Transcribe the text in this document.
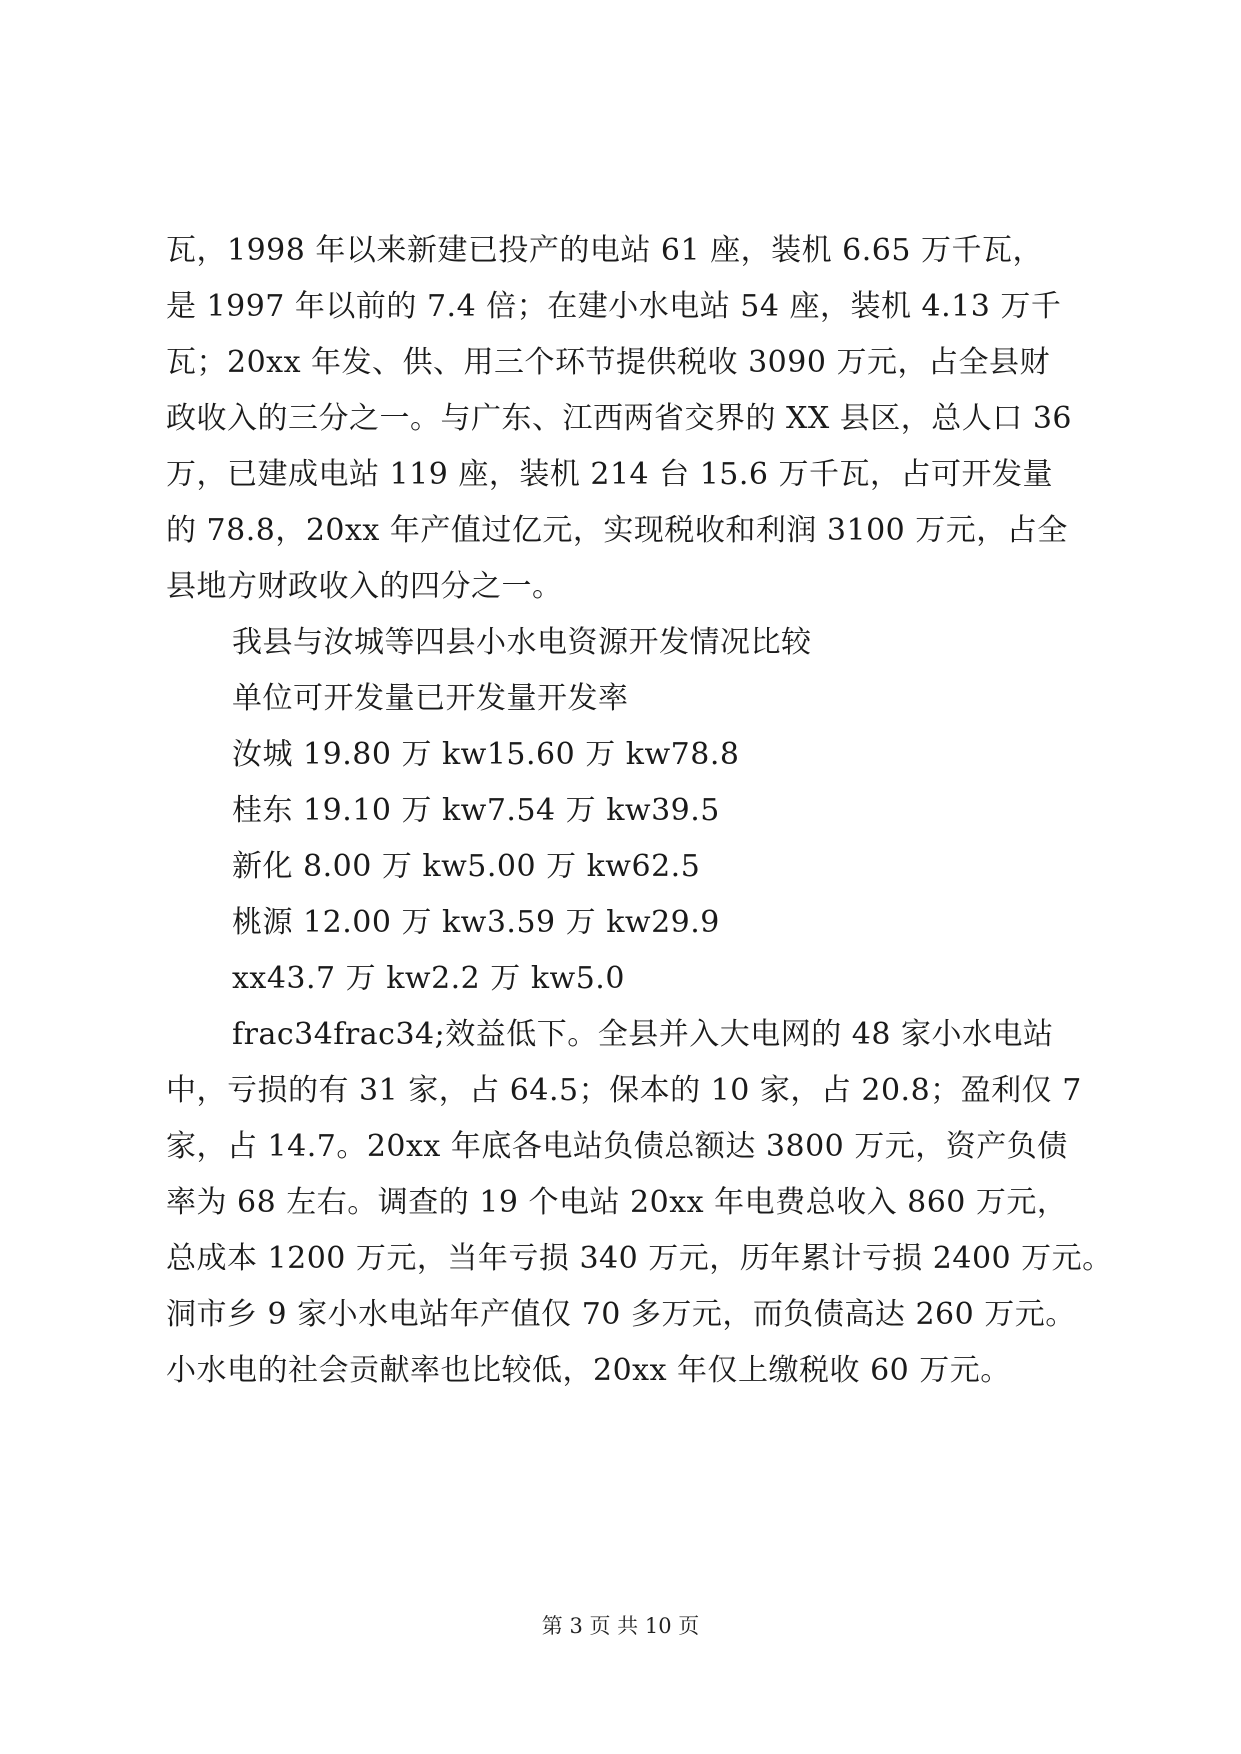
瓦，1998 年以来新建已投产的电站 61 座，装机 6.65 万千瓦，
是 1997 年以前的 7.4 倍；在建小水电站 54 座，装机 4.13 万千
瓦；20xx 年发、供、用三个环节提供税收 3090 万元，占全县财
政收入的三分之一。与广东、江西两省交界的 XX 县区，总人口 36
万，已建成电站 119 座，装机 214 台 15.6 万千瓦，占可开发量
的 78.8，20xx 年产值过亿元，实现税收和利润 3100 万元，占全
县地方财政收入的四分之一。
我县与汝城等四县小水电资源开发情况比较
单位可开发量已开发量开发率
汝城 19.80 万 kw15.60 万 kw78.8
桂东 19.10 万 kw7.54 万 kw39.5
新化 8.00 万 kw5.00 万 kw62.5
桃源 12.00 万 kw3.59 万 kw29.9
xx43.7 万 kw2.2 万 kw5.0
frac34frac34;效益低下。全县并入大电网的 48 家小水电站
中，亏损的有 31 家，占 64.5；保本的 10 家，占 20.8；盈利仅 7
家，占 14.7。20xx 年底各电站负债总额达 3800 万元，资产负债
率为 68 左右。调查的 19 个电站 20xx 年电费总收入 860 万元，
总成本 1200 万元，当年亏损 340 万元，历年累计亏损 2400 万元。
洞市乡 9 家小水电站年产值仅 70 多万元，而负债高达 260 万元。
小水电的社会贡献率也比较低，20xx 年仅上缴税收 60 万元。
第 3 页 共 10 页
